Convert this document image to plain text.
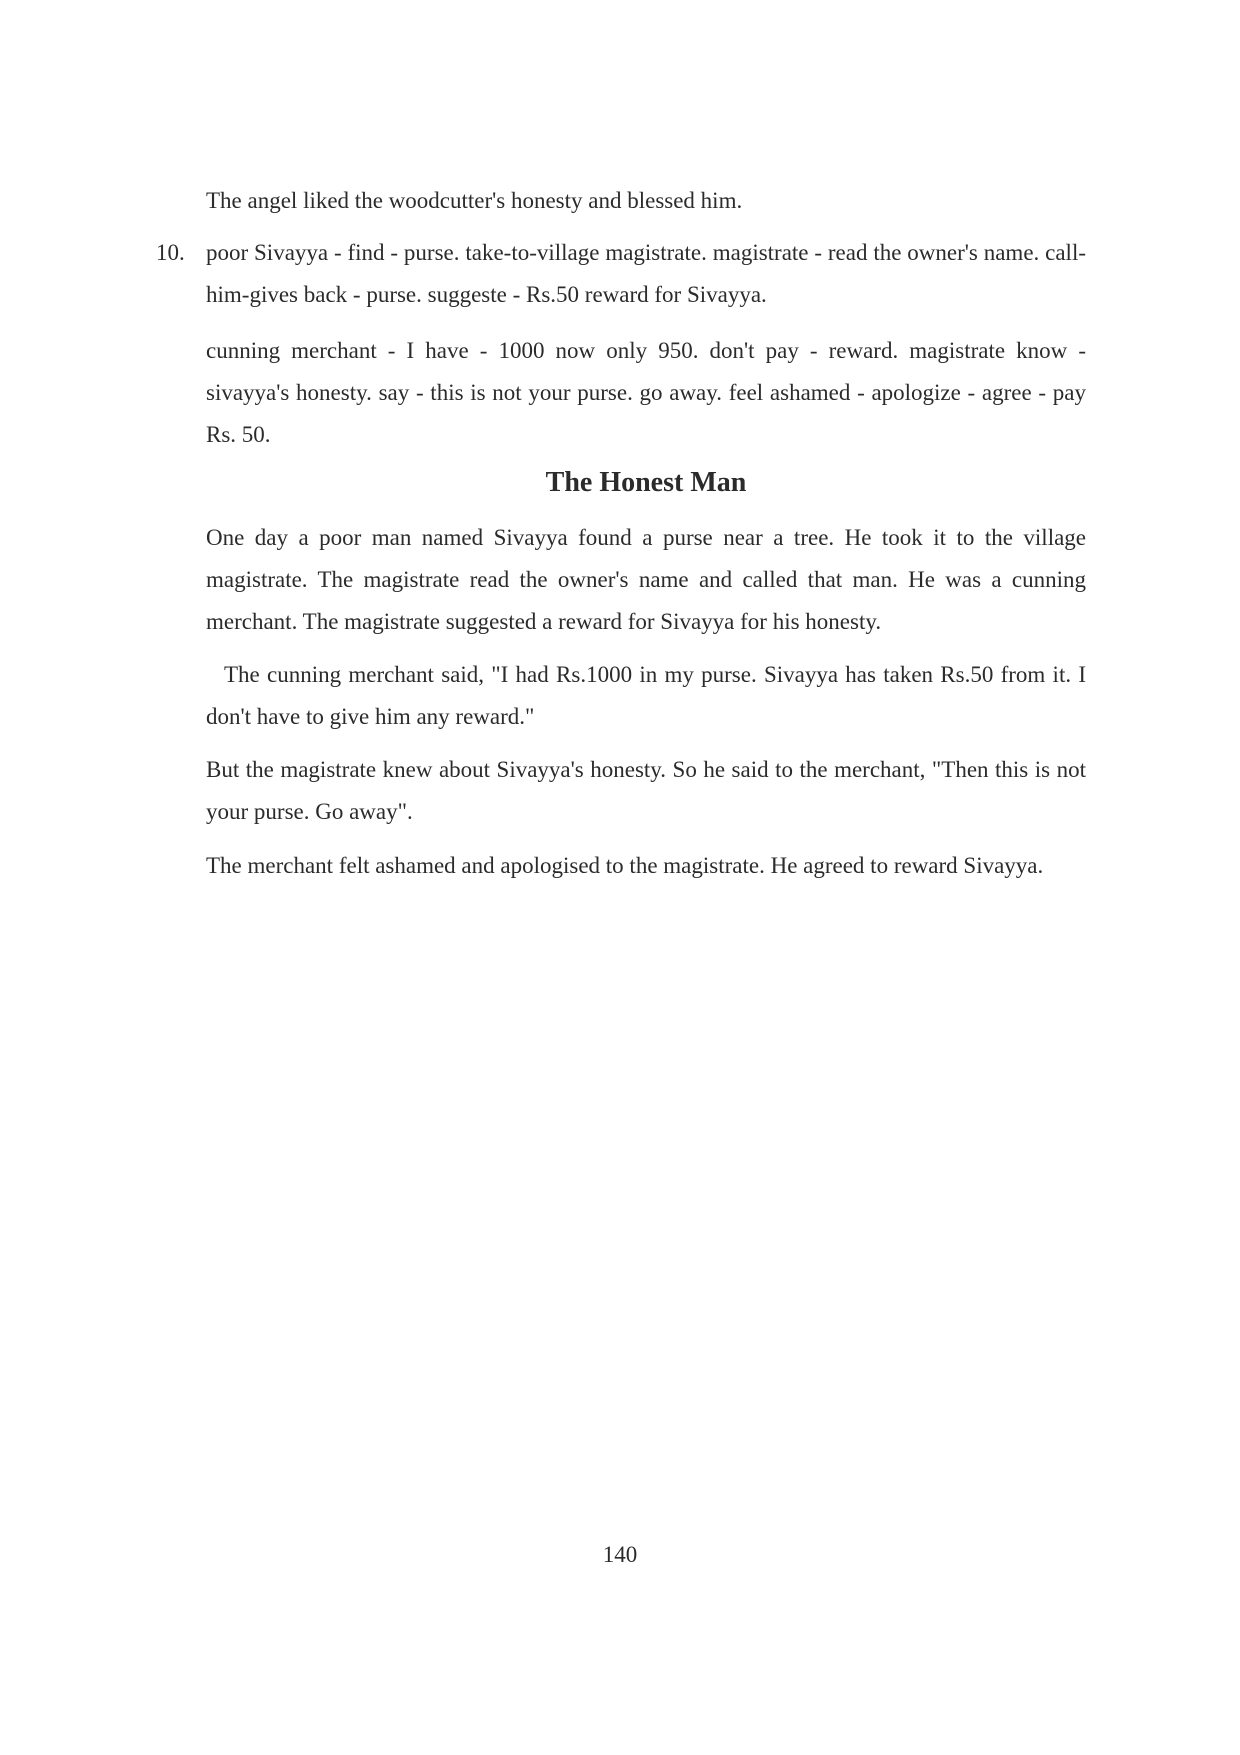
The angel liked the woodcutter's honesty and blessed him.

10. poor Sivayya - find - purse. take-to-village magistrate. magistrate - read the owner's name. call-him-gives back - purse. suggeste - Rs.50 reward for Sivayya.

cunning merchant - I have - 1000 now only 950. don't pay - reward. magistrate know - sivayya's honesty. say - this is not your purse. go away. feel ashamed - apologize - agree - pay Rs. 50.

The Honest Man

One day a poor man named Sivayya found a purse near a tree. He took it to the village magistrate. The magistrate read the owner's name and called that man. He was a cunning merchant. The magistrate suggested a reward for Sivayya for his honesty.

The cunning merchant said, "I had Rs.1000 in my purse. Sivayya has taken Rs.50 from it. I don't have to give him any reward."

But the magistrate knew about Sivayya's honesty. So he said to the merchant, "Then this is not your purse. Go away".

The merchant felt ashamed and apologised to the magistrate. He agreed to reward Sivayya.

140
